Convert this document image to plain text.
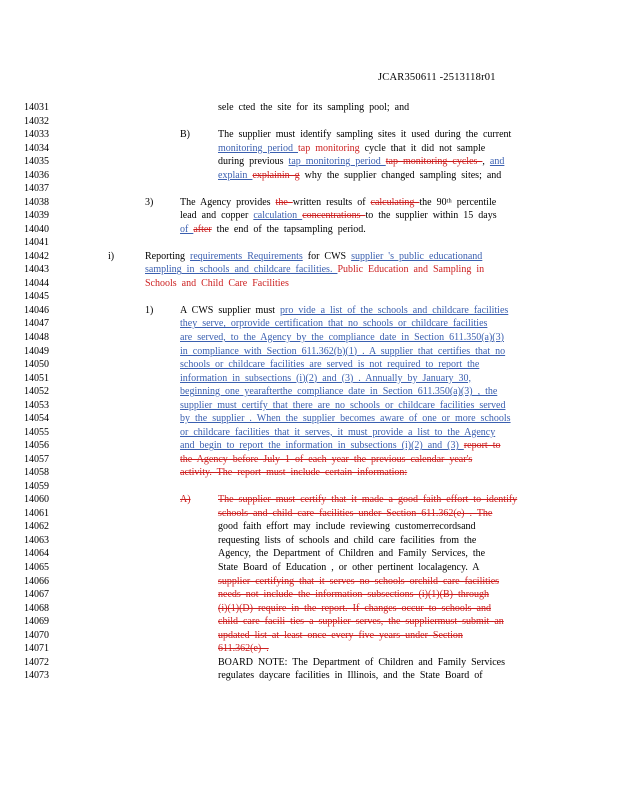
JCAR350611 -2513118r01
14031	sele cted the site for its sampling pool; and
14032
14033	B)	The supplier must identify sampling sites it used during the current
14034	monitoring period tap monitoring cycle that it did not sample
14035	during previous tap monitoring period tap monitoring cycles , and
14036	explain explainin g why the supplier changed sampling sites; and
14037
14038	3)	The Agency provides the written results of calculating the 90ᵗʰ percentile
14039	lead and copper calculation concentrations to the supplier within 15 days
14040	of after the end of the tapsampling period.
14041
14042	i)	Reporting requirements Requirements for CWS supplier 's public educationand
14043	sampling in schools and childcare facilities. Public Education and Sampling in
14044	Schools and Child Care Facilities
14045
14046	1)	A CWS supplier must pro vide a list of the schools and childcare facilities
14047	they serve, orprovide certification that no schools or childcare facilities
14048	are served, to the Agency by the compliance date in Section 611.350(a)(3)
14049	in compliance with Section 611.362(b)(1) . A supplier that certifies that no
14050	schools or childcare facilities are served is not required to report the
14051	information in subsections (i)(2) and (3) . Annually by January 30,
14052	beginning one yearafterthe compliance date in Section 611.350(a)(3) , the
14053	supplier must certify that there are no schools or childcare facilities served
14054	by the supplier . When the supplier becomes aware of one or more schools
14055	or childcare facilities that it serves, it must provide a list to the Agency
14056	and begin to report the information in subsections (i)(2) and (3) report to
14057	the Agency before July 1 of each year the previous calendar year's
14058	activity. The report must include certain information:
14059
14060	A)	The supplier must certify that it made a good faith effort to identify
14061	schools and child care facilities under Section 611.362(e) . The
14062	good faith effort may include reviewing customerrecordsand
14063	requesting lists of schools and child care facilities from the
14064	Agency, the Department of Children and Family Services, the
14065	State Board of Education , or other pertinent localagency. A
14066	supplier certifying that it serves no schools orchild care facilities
14067	needs not include the information subsections (i)(1)(B) through
14068	(i)(1)(D) require in the report. If changes occur to schools and
14069	child care facili ties a supplier serves, the suppliermust submit an
14070	updated list at least once every five years under Section
14071	611.362(e) .
14072	BOARD NOTE: The Department of Children and Family Services
14073	regulates daycare facilities in Illinois, and the State Board of
